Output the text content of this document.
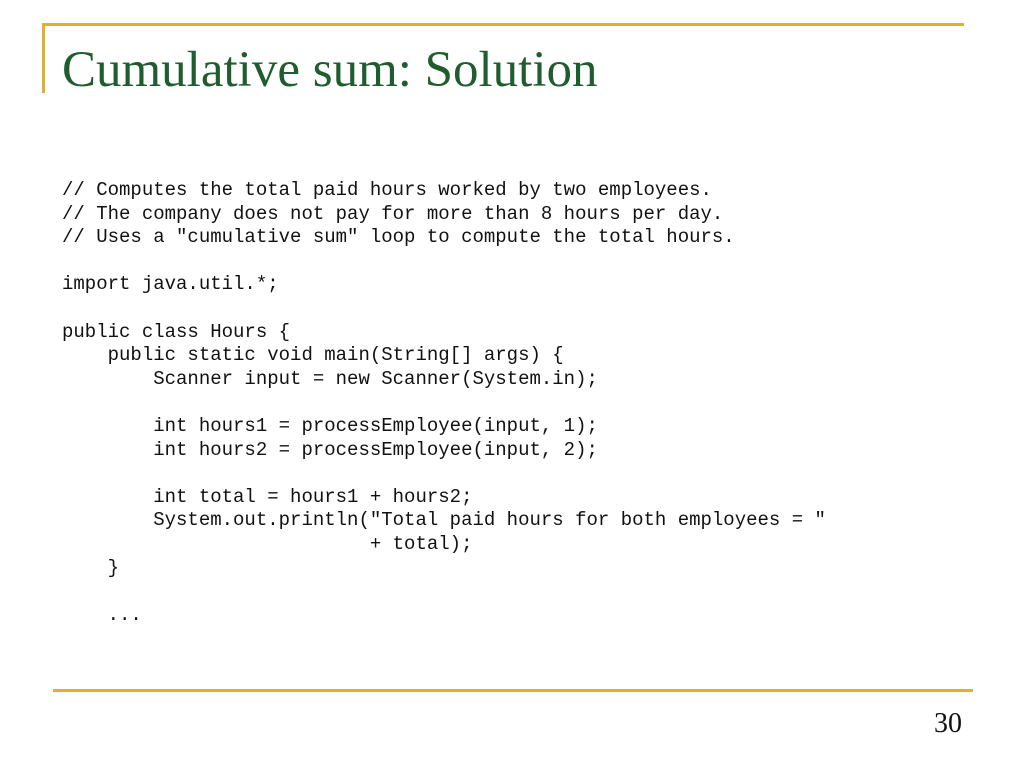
Cumulative sum: Solution
// Computes the total paid hours worked by two employees.
// The company does not pay for more than 8 hours per day.
// Uses a "cumulative sum" loop to compute the total hours.
import java.util.*;
public class Hours {
public static void main(String[] args) {
Scanner input = new Scanner(System.in);
int hours1 = processEmployee(input, 1);
int hours2 = processEmployee(input, 2);
int total = hours1 + hours2;
System.out.println("Total paid hours for both employees = "
+ total);
}
...
30
